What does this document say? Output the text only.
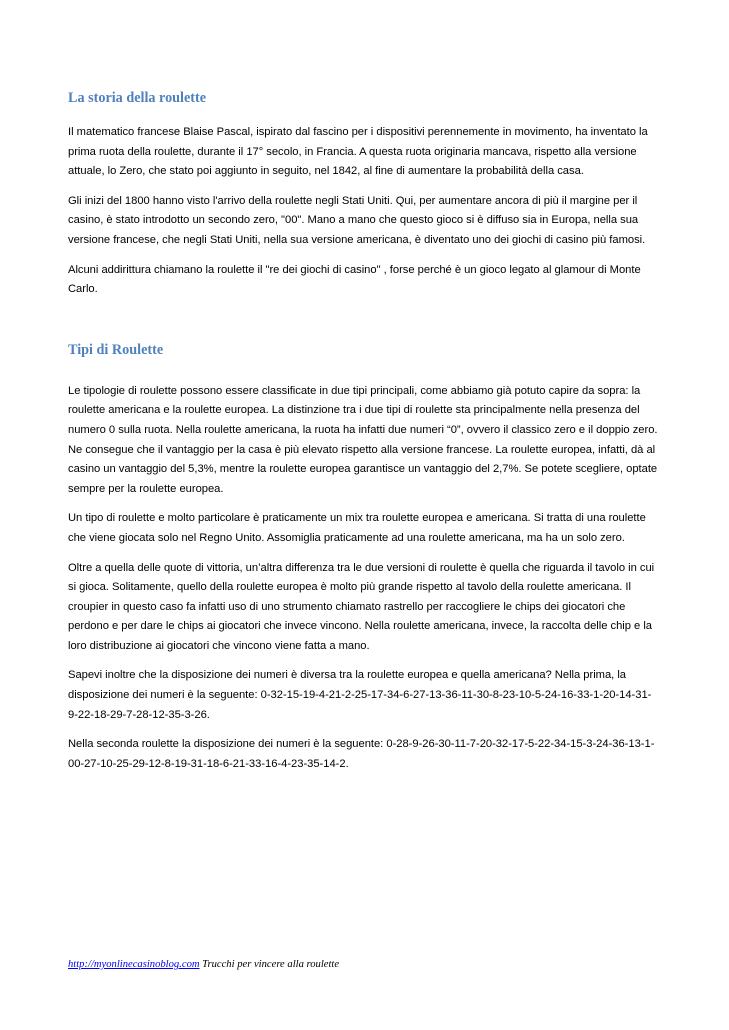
La storia della roulette

Il matematico francese Blaise Pascal, ispirato dal fascino per i dispositivi perennemente in movimento, ha inventato la prima ruota della roulette, durante il 17° secolo, in Francia. A questa ruota originaria mancava, rispetto alla versione attuale, lo Zero, che stato poi aggiunto in seguito, nel 1842, al fine di aumentare la probabilità della casa.

Gli inizi del 1800 hanno visto l'arrivo della roulette negli Stati Uniti. Qui, per aumentare ancora di più il margine per il casino, è stato introdotto un secondo zero, "00". Mano a mano che questo gioco si è diffuso sia in Europa, nella sua versione francese, che negli Stati Uniti, nella sua versione americana, è diventato uno dei giochi di casino più famosi.

Alcuni addirittura chiamano la roulette il "re dei giochi di casino" , forse perché è un gioco legato al glamour di Monte Carlo.

Tipi di Roulette

Le tipologie di roulette possono essere classificate in due tipi principali, come abbiamo già potuto capire da sopra: la roulette americana e la roulette europea. La distinzione tra i due tipi di roulette sta principalmente nella presenza del numero 0 sulla ruota. Nella roulette americana, la ruota ha infatti due numeri “0”, ovvero il classico zero e il doppio zero. Ne consegue che il vantaggio per la casa è più elevato rispetto alla versione francese. La roulette europea, infatti, dà al casino un vantaggio del 5,3%, mentre la roulette europea garantisce un vantaggio del 2,7%. Se potete scegliere, optate sempre per la roulette europea.

Un tipo di roulette e molto particolare è praticamente un mix tra roulette europea e americana. Si tratta di una roulette che viene giocata solo nel Regno Unito. Assomiglia praticamente ad una roulette americana, ma ha un solo zero.

Oltre a quella delle quote di vittoria, un’altra differenza tra le due versioni di roulette è quella che riguarda il tavolo in cui si gioca. Solitamente, quello della roulette europea è molto più grande rispetto al tavolo della roulette americana. Il croupier in questo caso fa infatti uso di uno strumento chiamato rastrello per raccogliere le chips dei giocatori che perdono e per dare le chips ai giocatori che invece vincono. Nella roulette americana, invece, la raccolta delle chip e la loro distribuzione ai giocatori che vincono viene fatta a mano.

Sapevi inoltre che la disposizione dei numeri è diversa tra la roulette europea e quella americana? Nella prima, la disposizione dei numeri è la seguente: 0-32-15-19-4-21-2-25-17-34-6-27-13-36-11-30-8-23-10-5-24-16-33-1-20-14-31-9-22-18-29-7-28-12-35-3-26.

Nella seconda roulette la disposizione dei numeri è la seguente: 0-28-9-26-30-11-7-20-32-17-5-22-34-15-3-24-36-13-1-00-27-10-25-29-12-8-19-31-18-6-21-33-16-4-23-35-14-2.

http://myonlinecasinoblog.com Trucchi per vincere alla roulette
